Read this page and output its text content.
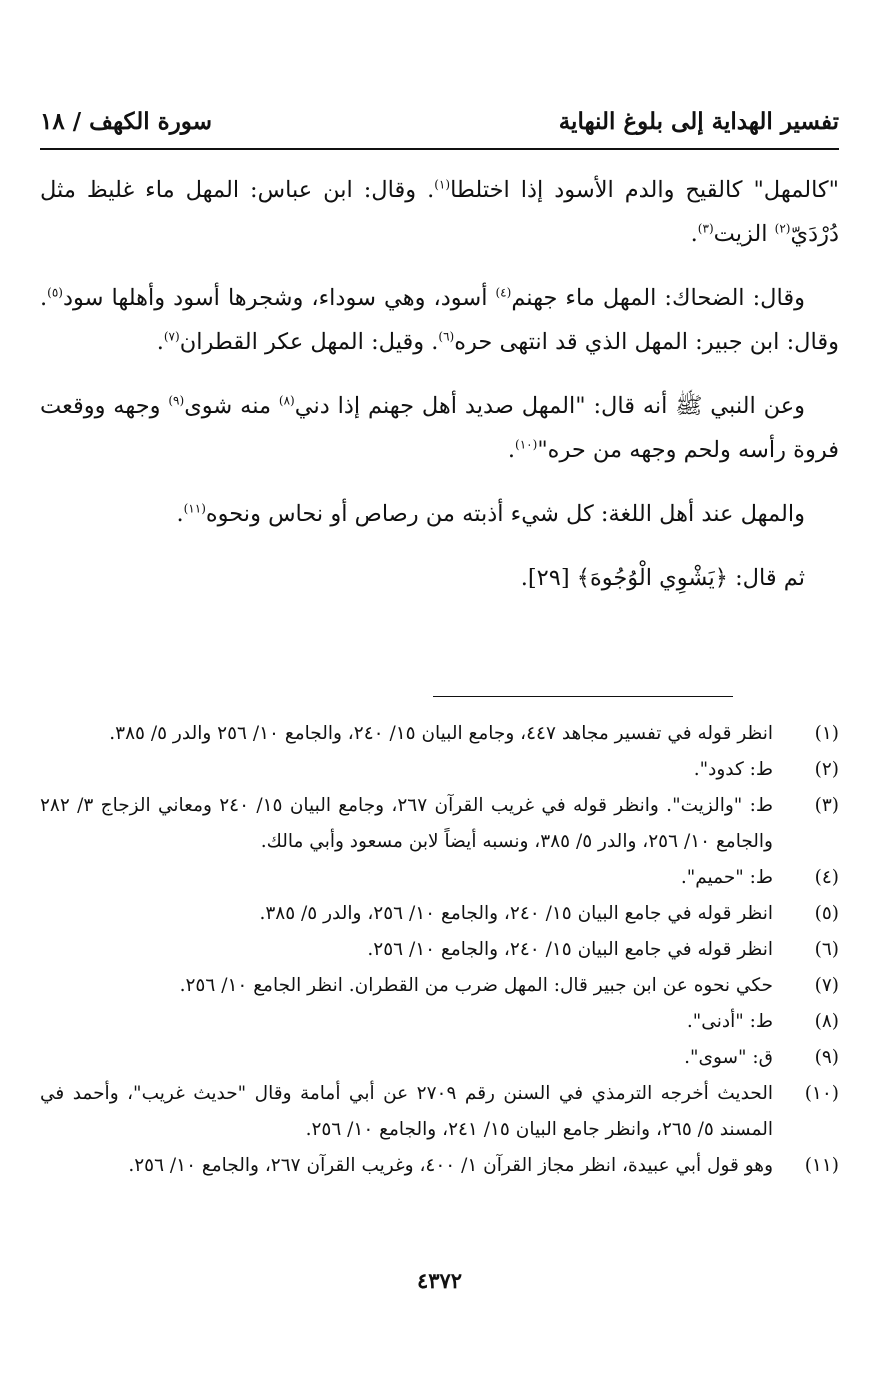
تفسير الهداية إلى بلوغ النهاية
سورة الكهف / ١٨

"كالمهل" كالقيح والدم الأسود إذا اختلطا$^{(١)}$. وقال: ابن عباس: المهل ماء غليظ مثل دُرْدَيّ$^{(٢)}$ الزيت$^{(٣)}$.

وقال: الضحاك: المهل ماء جهنم$^{(٤)}$ أسود، وهي سوداء، وشجرها أسود وأهلها سود$^{(٥)}$. وقال: ابن جبير: المهل الذي قد انتهى حره$^{(٦)}$. وقيل: المهل عكر القطران$^{(٧)}$.

وعن النبي ﷺ أنه قال: "المهل صديد أهل جهنم إذا دني$^{(٨)}$ منه شوى$^{(٩)}$ وجهه ووقعت فروة رأسه ولحم وجهه من حره"$^{(١٠)}$.

والمهل عند أهل اللغة: كل شيء أذبته من رصاص أو نحاس ونحوه$^{(١١)}$.

ثم قال: ﴿يَشْوِي الْوُجُوهَ﴾ [٢٩].

(١)
انظر قوله في تفسير مجاهد ٤٤٧، وجامع البيان ١٥/ ٢٤٠، والجامع ١٠/ ٢٥٦ والدر ٥/ ٣٨٥.
(٢)
ط: كدود".
(٣)
ط: "والزيت". وانظر قوله في غريب القرآن ٢٦٧، وجامع البيان ١٥/ ٢٤٠ ومعاني الزجاج ٣/ ٢٨٢ والجامع ١٠/ ٢٥٦، والدر ٥/ ٣٨٥، ونسبه أيضاً لابن مسعود وأبي مالك.
(٤)
ط: "حميم".
(٥)
انظر قوله في جامع البيان ١٥/ ٢٤٠، والجامع ١٠/ ٢٥٦، والدر ٥/ ٣٨٥.
(٦)
انظر قوله في جامع البيان ١٥/ ٢٤٠، والجامع ١٠/ ٢٥٦.
(٧)
حكي نحوه عن ابن جبير قال: المهل ضرب من القطران. انظر الجامع ١٠/ ٢٥٦.
(٨)
ط: "أدنى".
(٩)
ق: "سوى".
(١٠)
الحديث أخرجه الترمذي في السنن رقم ٢٧٠٩ عن أبي أمامة وقال "حديث غريب"، وأحمد في المسند ٥/ ٢٦٥، وانظر جامع البيان ١٥/ ٢٤١، والجامع ١٠/ ٢٥٦.
(١١)
وهو قول أبي عبيدة، انظر مجاز القرآن ١/ ٤٠٠، وغريب القرآن ٢٦٧، والجامع ١٠/ ٢٥٦.
٤٣٧٢
